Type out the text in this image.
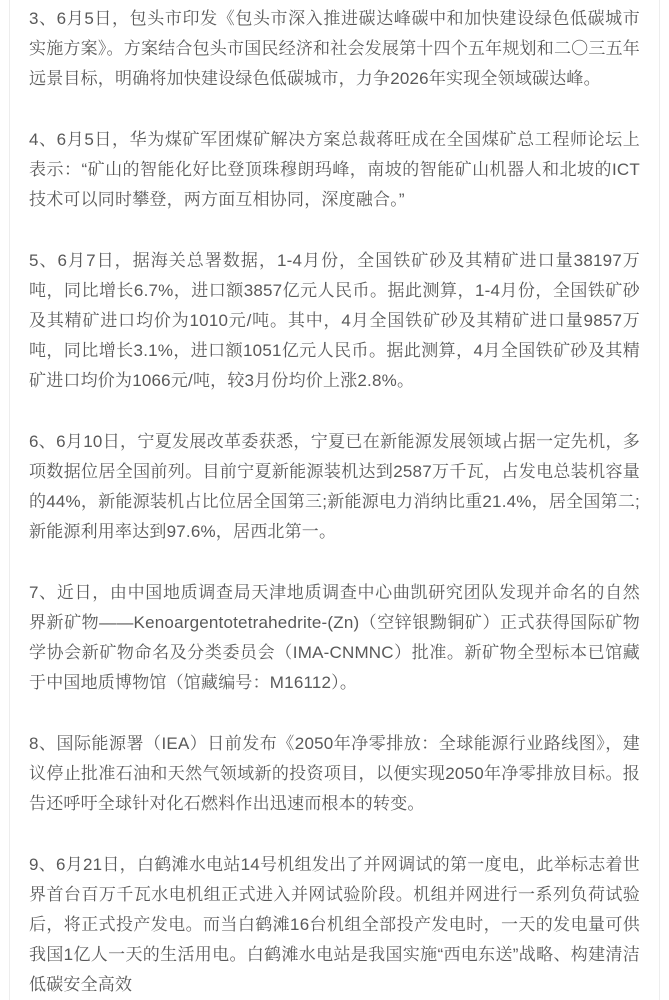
3、6月5日，包头市印发《包头市深入推进碳达峰碳中和加快建设绿色低碳城市实施方案》。方案结合包头市国民经济和社会发展第十四个五年规划和二〇三五年远景目标，明确将加快建设绿色低碳城市，力争2026年实现全领域碳达峰。

4、6月5日，华为煤矿军团煤矿解决方案总裁蒋旺成在全国煤矿总工程师论坛上表示：“矿山的智能化好比登顶珠穆朗玛峰，南坡的智能矿山机器人和北坡的ICT技术可以同时攀登，两方面互相协同，深度融合。”

5、6月7日，据海关总署数据，1-4月份，全国铁矿砂及其精矿进口量38197万吨，同比增长6.7%，进口额3857亿元人民币。据此测算，1-4月份，全国铁矿砂及其精矿进口均价为1010元/吨。其中，4月全国铁矿砂及其精矿进口量9857万吨，同比增长3.1%，进口额1051亿元人民币。据此测算，4月全国铁矿砂及其精矿进口均价为1066元/吨，较3月份均价上涨2.8%。

6、6月10日，宁夏发展改革委获悉，宁夏已在新能源发展领域占据一定先机，多项数据位居全国前列。目前宁夏新能源装机达到2587万千瓦，占发电总装机容量的44%，新能源装机占比位居全国第三;新能源电力消纳比重21.4%，居全国第二;新能源利用率达到97.6%，居西北第一。

7、近日，由中国地质调查局天津地质调查中心曲凯研究团队发现并命名的自然界新矿物——Kenoargentotetrahedrite-(Zn)（空锌银黝铜矿）正式获得国际矿物学协会新矿物命名及分类委员会（IMA-CNMNC）批准。新矿物全型标本已馆藏于中国地质博物馆（馆藏编号：M16112）。

8、国际能源署（IEA）日前发布《2050年净零排放：全球能源行业路线图》，建议停止批准石油和天然气领域新的投资项目，以便实现2050年净零排放目标。报告还呼吁全球针对化石燃料作出迅速而根本的转变。

9、6月21日，白鹤滩水电站14号机组发出了并网调试的第一度电，此举标志着世界首台百万千瓦水电机组正式进入并网试验阶段。机组并网进行一系列负荷试验后，将正式投产发电。而当白鹤滩16台机组全部投产发电时，一天的发电量可供我国1亿人一天的生活用电。白鹤滩水电站是我国实施“西电东送”战略、构建清洁低碳安全高效
